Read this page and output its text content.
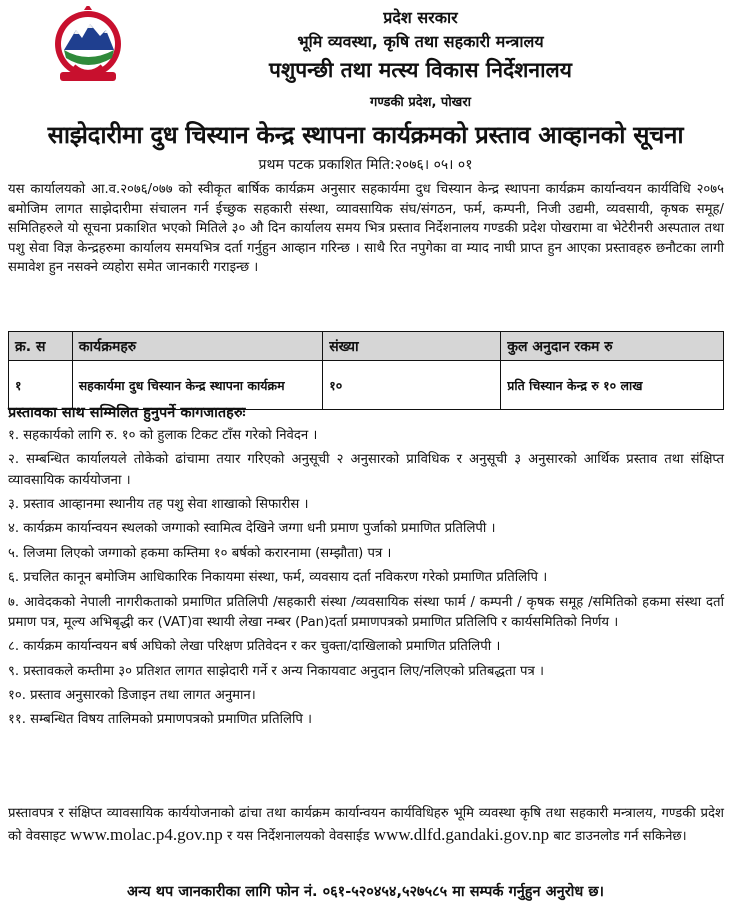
प्रदेश सरकार
भूमि व्यवस्था, कृषि तथा सहकारी मन्त्रालय
पशुपन्छी तथा मत्स्य विकास निर्देशनालय
गण्डकी प्रदेश, पोखरा
साझेदारीमा दुध चिस्यान केन्द्र स्थापना कार्यक्रमको प्रस्ताव आव्हानको सूचना
प्रथम पटक प्रकाशित मिति:२०७६। ०५। ०१
यस कार्यालयको आ.व.२०७६/०७७ को स्वीकृत बार्षिक कार्यक्रम अनुसार सहकार्यमा दुध चिस्यान केन्द्र स्थापना कार्यक्रम कार्यान्वयन कार्यविधि २०७५ बमोजिम लागत साझेदारीमा संचालन गर्न ईच्छुक सहकारी संस्था, व्यावसायिक संघ/संगठन, फर्म, कम्पनी, निजी उद्यमी, व्यवसायी, कृषक समूह/समितिहरुले यो सूचना प्रकाशित भएको मितिले ३० औ दिन कार्यालय समय भित्र प्रस्ताव निर्देशनालय गण्डकी प्रदेश पोखरामा वा भेटेरीनरी अस्पताल तथा पशु सेवा विज्ञ केन्द्रहरुमा कार्यालय समयभित्र दर्ता गर्नुहुन आव्हान गरिन्छ । साथै रित नपुगेका वा म्याद नाघी प्राप्त हुन आएका प्रस्तावहरु छनौटका लागी समावेश हुन नसक्ने व्यहोरा समेत जानकारी गराइन्छ ।
क्र. स	कार्यक्रमहरु	संख्या	कुल अनुदान रकम रु
१	सहकार्यमा दुध चिस्यान केन्द्र स्थापना कार्यक्रम	१०	प्रति चिस्यान केन्द्र रु १० लाख
प्रस्तावका साथ सम्मिलित हुनुपर्ने कागजातहरुः
१. सहकार्यको लागि रु. १० को हुलाक टिकट टाँस गरेको निवेदन ।
२. सम्बन्धित कार्यालयले तोकेको ढांचामा तयार गरिएको अनुसूची २ अनुसारको प्राविधिक र अनुसूची ३ अनुसारको आर्थिक प्रस्ताव तथा संक्षिप्त व्यावसायिक कार्ययोजना ।
३. प्रस्ताव आव्हानमा स्थानीय तह पशु सेवा शाखाको सिफारीस ।
४. कार्यक्रम कार्यान्वयन स्थलको जग्गाको स्वामित्व देखिने जग्गा धनी प्रमाण पुर्जाको प्रमाणित प्रतिलिपी ।
५. लिजमा लिएको जग्गाको हकमा कम्तिमा १० बर्षको करारनामा (सम्झौता) पत्र ।
६. प्रचलित कानून बमोजिम आधिकारिक निकायमा संस्था, फर्म, व्यवसाय दर्ता नविकरण गरेको प्रमाणित प्रतिलिपि ।
७. आवेदकको नेपाली नागरीकताको प्रमाणित प्रतिलिपी /सहकारी संस्था /व्यवसायिक संस्था फार्म / कम्पनी / कृषक समूह /समितिको हकमा संस्था दर्ता प्रमाण पत्र, मूल्य अभिबृद्धी कर (VAT)वा स्थायी लेखा नम्बर (Pan)दर्ता प्रमाणपत्रको प्रमाणित प्रतिलिपि र कार्यसमितिको निर्णय ।
८. कार्यक्रम कार्यान्वयन बर्ष अघिको लेखा परिक्षण प्रतिवेदन र कर चुक्ता/दाखिलाको प्रमाणित प्रतिलिपी ।
९. प्रस्तावकले कम्तीमा ३० प्रतिशत लागत साझेदारी गर्ने र अन्य निकायवाट अनुदान लिए/नलिएको प्रतिबद्धता पत्र ।
१०. प्रस्ताव अनुसारको डिजाइन तथा लागत अनुमान।
११. सम्बन्धित विषय तालिमको प्रमाणपत्रको प्रमाणित प्रतिलिपि ।
प्रस्तावपत्र र संक्षिप्त व्यावसायिक कार्ययोजनाको ढांचा तथा कार्यक्रम कार्यान्वयन कार्यविधिहरु भूमि व्यवस्था कृषि तथा सहकारी मन्त्रालय, गण्डकी प्रदेश को वेवसाइट www.molac.p4.gov.np र यस निर्देशनालयको वेवसाईड www.dlfd.gandaki.gov.np बाट डाउनलोड गर्न सकिनेछ।
अन्य थप जानकारीका लागि फोन नं. ०६१-५२०४५४,५२७५८५ मा सम्पर्क गर्नुहुन अनुरोध छ।
